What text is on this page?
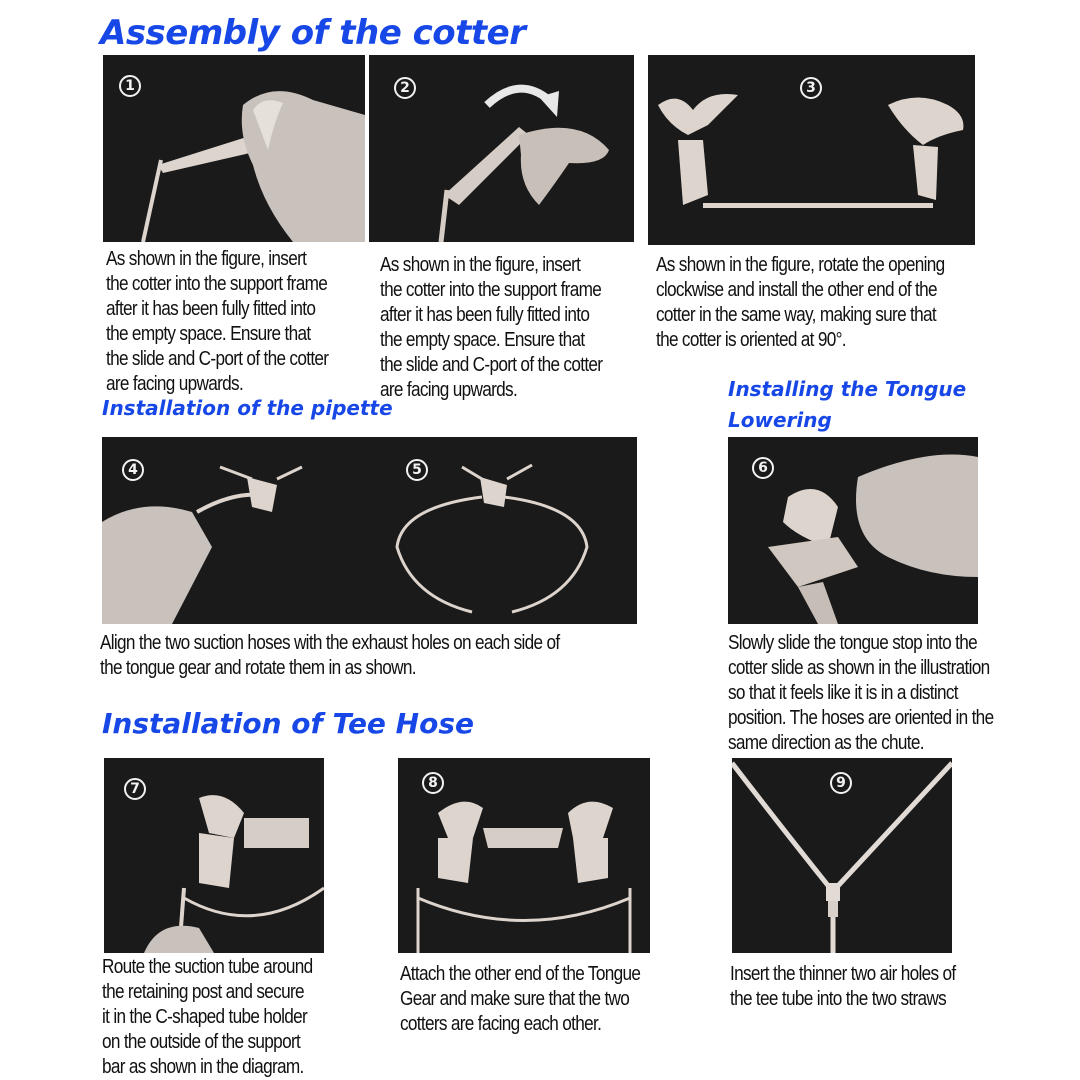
Assembly of the cotter
Installation of the pipette
Installing the Tongue
Lowering
Installation of Tee Hose
1	2	3

As shown in the figure, insert
the cotter into the support frame
after it has been fully fitted into
the empty space. Ensure that
the slide and C-port of the cotter
are facing upwards.

As shown in the figure, insert
the cotter into the support frame
after it has been fully fitted into
the empty space. Ensure that
the slide and C-port of the cotter
are facing upwards.

As shown in the figure, rotate the opening
clockwise and install the other end of the
cotter in the same way, making sure that
the cotter is oriented at 90°.

4	5	6

Align the two suction hoses with the exhaust holes on each side of
the tongue gear and rotate them in as shown.

Slowly slide the tongue stop into the
cotter slide as shown in the illustration
so that it feels like it is in a distinct
position. The hoses are oriented in the
same direction as the chute.

7	8	9

Route the suction tube around
the retaining post and secure
it in the C-shaped tube holder
on the outside of the support
bar as shown in the diagram.

Attach the other end of the Tongue
Gear and make sure that the two
cotters are facing each other.

Insert the thinner two air holes of
the tee tube into the two straws
